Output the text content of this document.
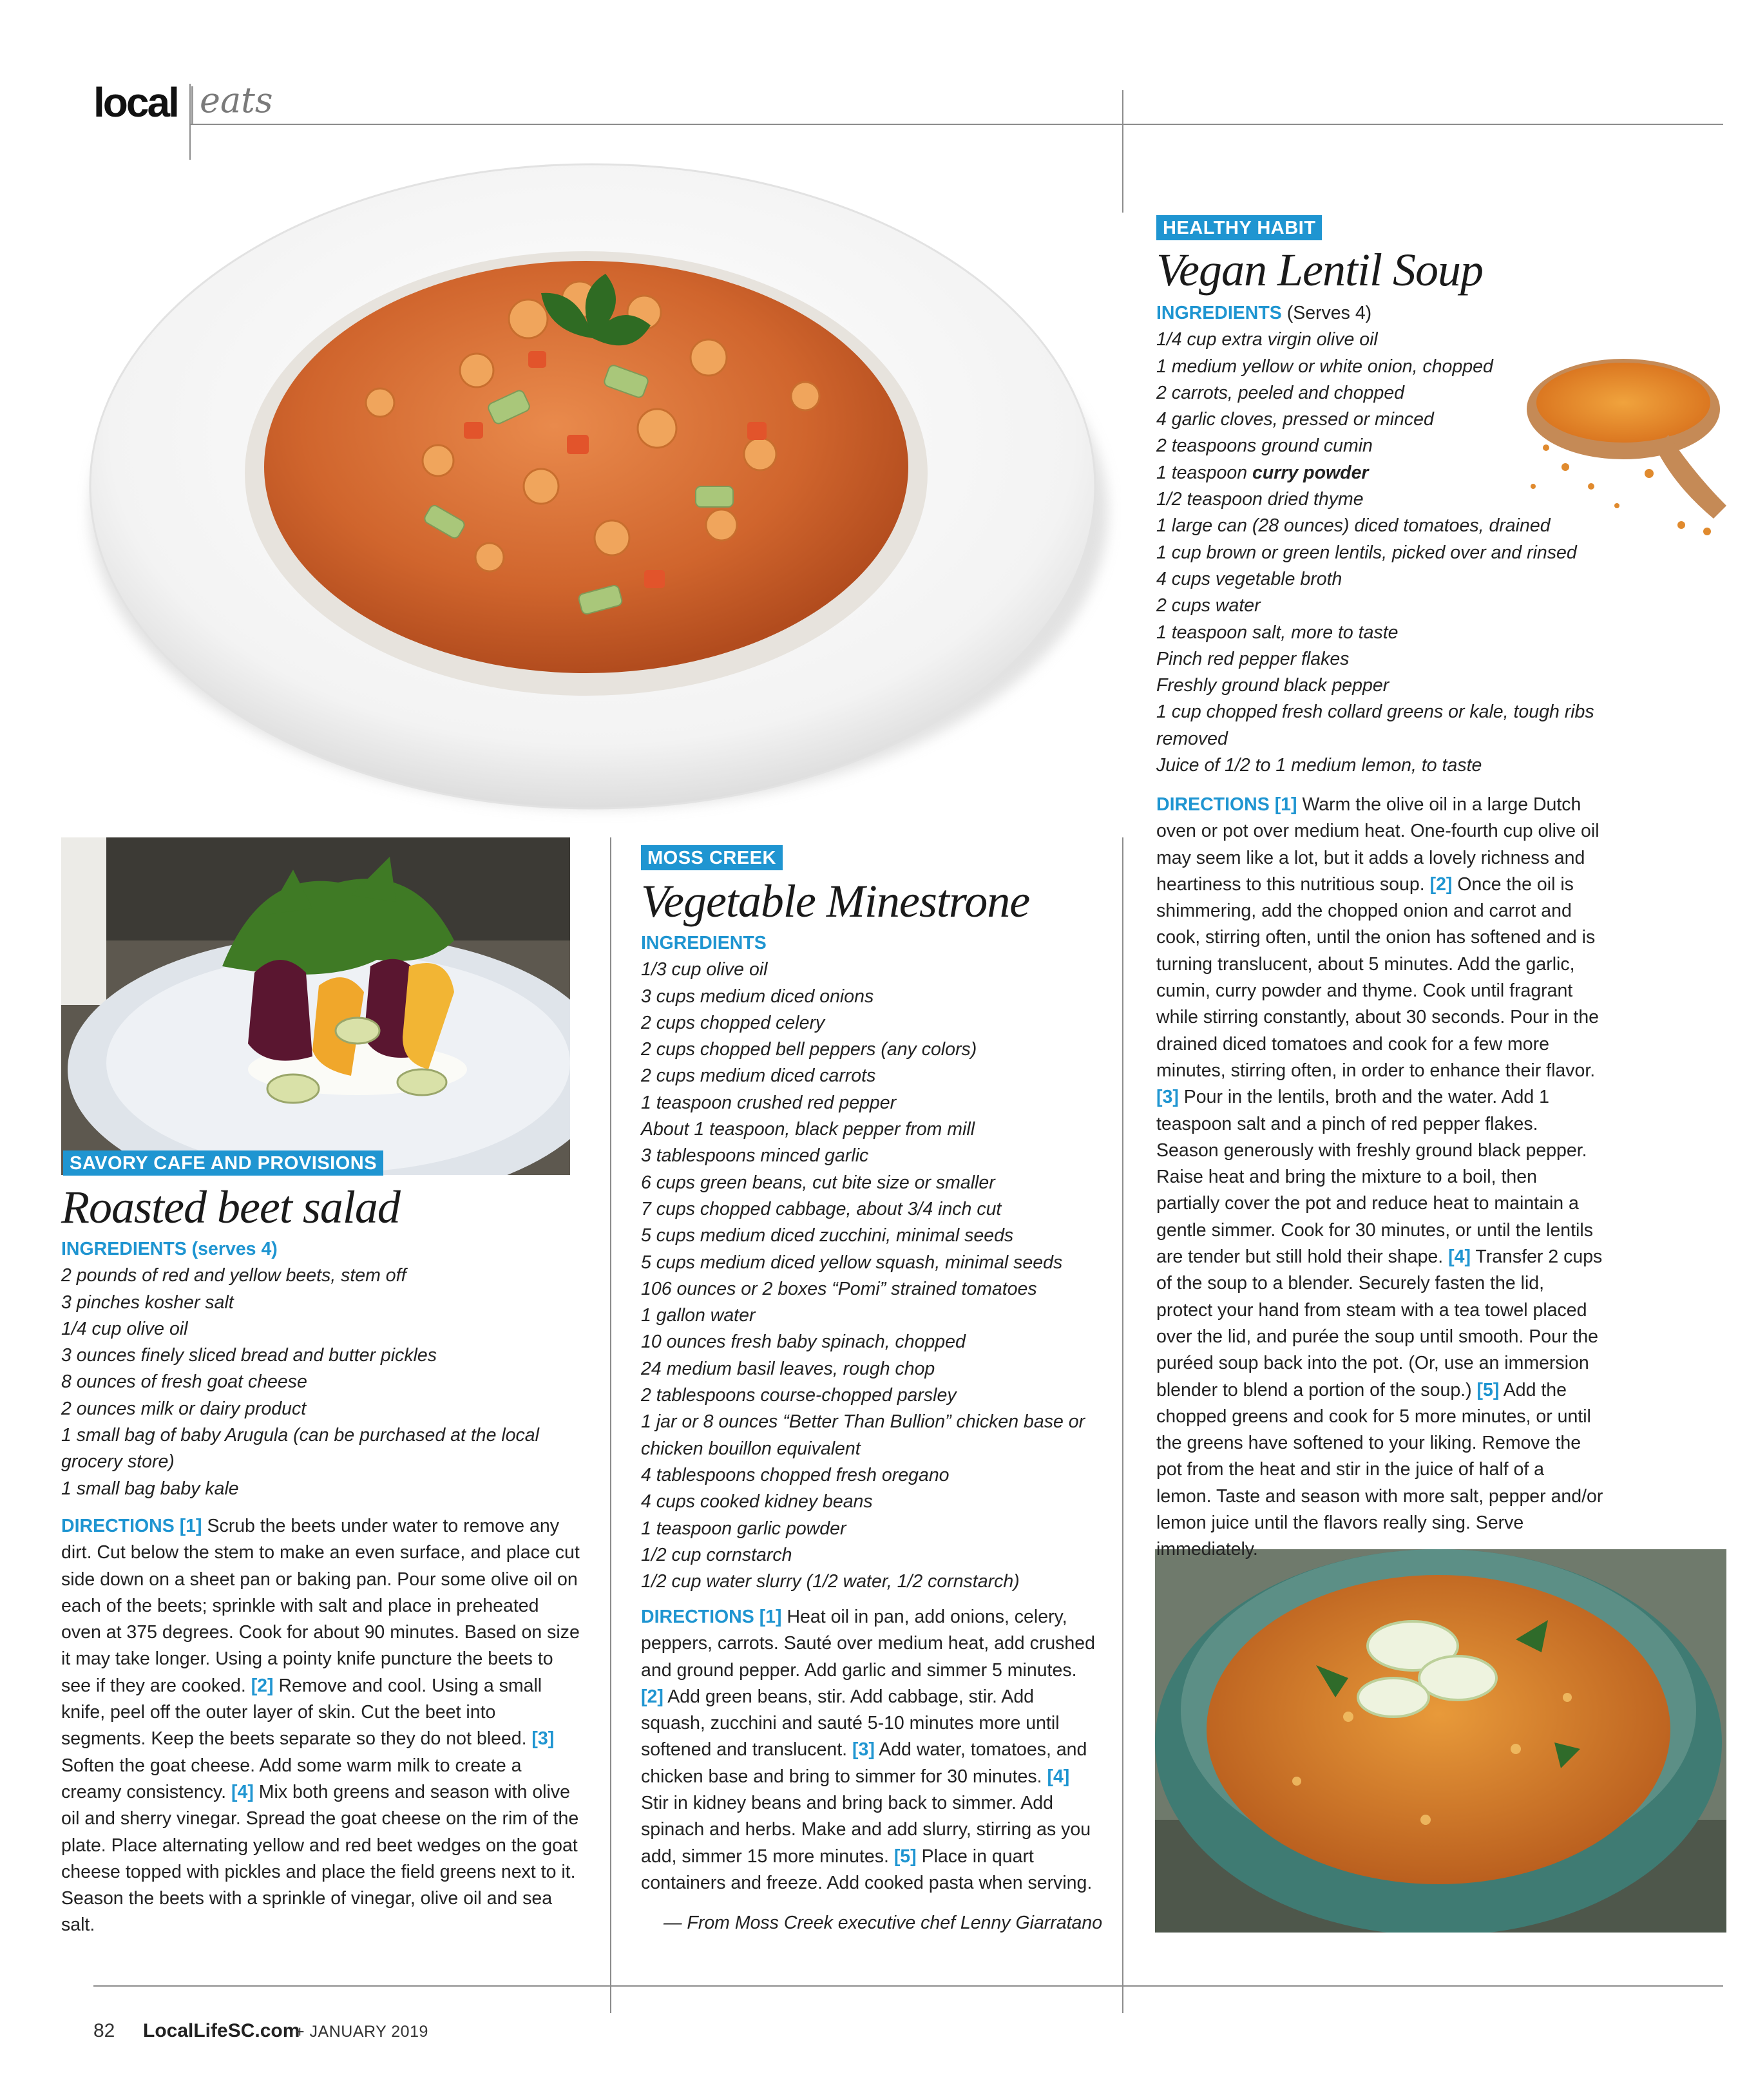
local eats
SAVORY CAFE AND PROVISIONS
Roasted beet salad
INGREDIENTS (serves 4)
2 pounds of red and yellow beets, stem off
3 pinches kosher salt
1/4 cup olive oil
3 ounces finely sliced bread and butter pickles
8 ounces of fresh goat cheese
2 ounces milk or dairy product
1 small bag of baby Arugula (can be purchased at the local grocery store)
1 small bag baby kale
DIRECTIONS [1] Scrub the beets under water to remove any dirt. Cut below the stem to make an even surface, and place cut side down on a sheet pan or baking pan. Pour some olive oil on each of the beets; sprinkle with salt and place in preheated oven at 375 degrees. Cook for about 90 minutes. Based on size it may take longer. Using a pointy knife puncture the beets to see if they are cooked. [2] Remove and cool. Using a small knife, peel off the outer layer of skin. Cut the beet into segments. Keep the beets separate so they do not bleed. [3] Soften the goat cheese. Add some warm milk to create a creamy consistency. [4] Mix both greens and season with olive oil and sherry vinegar. Spread the goat cheese on the rim of the plate. Place alternating yellow and red beet wedges on the goat cheese topped with pickles and place the field greens next to it. Season the beets with a sprinkle of vinegar, olive oil and sea salt.
MOSS CREEK
Vegetable Minestrone
INGREDIENTS
1/3 cup olive oil
3 cups medium diced onions
2 cups chopped celery
2 cups chopped bell peppers (any colors)
2 cups medium diced carrots
1 teaspoon crushed red pepper
About 1 teaspoon, black pepper from mill
3 tablespoons minced garlic
6 cups green beans, cut bite size or smaller
7 cups chopped cabbage, about 3/4 inch cut
5 cups medium diced zucchini, minimal seeds
5 cups medium diced yellow squash, minimal seeds
106 ounces or 2 boxes “Pomi” strained tomatoes
1 gallon water
10 ounces fresh baby spinach, chopped
24 medium basil leaves, rough chop
2 tablespoons course-chopped parsley
1 jar or 8 ounces “Better Than Bullion” chicken base or chicken bouillon equivalent
4 tablespoons chopped fresh oregano
4 cups cooked kidney beans
1 teaspoon garlic powder
1/2 cup cornstarch
1/2 cup water slurry (1/2 water, 1/2 cornstarch)
DIRECTIONS [1] Heat oil in pan, add onions, celery, peppers, carrots. Sauté over medium heat, add crushed and ground pepper. Add garlic and simmer 5 minutes. [2] Add green beans, stir. Add cabbage, stir. Add squash, zucchini and sauté 5-10 minutes more until softened and translucent. [3] Add water, tomatoes, and chicken base and bring to simmer for 30 minutes. [4] Stir in kidney beans and bring back to simmer. Add spinach and herbs. Make and add slurry, stirring as you add, simmer 15 more minutes. [5] Place in quart containers and freeze. Add cooked pasta when serving.
— From Moss Creek executive chef Lenny Giarratano
HEALTHY HABIT
Vegan Lentil Soup
INGREDIENTS (Serves 4)
1/4 cup extra virgin olive oil
1 medium yellow or white onion, chopped
2 carrots, peeled and chopped
4 garlic cloves, pressed or minced
2 teaspoons ground cumin
1 teaspoon curry powder
1/2 teaspoon dried thyme
1 large can (28 ounces) diced tomatoes, drained
1 cup brown or green lentils, picked over and rinsed
4 cups vegetable broth
2 cups water
1 teaspoon salt, more to taste
Pinch red pepper flakes
Freshly ground black pepper
1 cup chopped fresh collard greens or kale, tough ribs removed
Juice of 1/2 to 1 medium lemon, to taste
DIRECTIONS [1] Warm the olive oil in a large Dutch oven or pot over medium heat. One-fourth cup olive oil may seem like a lot, but it adds a lovely richness and heartiness to this nutritious soup. [2] Once the oil is shimmering, add the chopped onion and carrot and cook, stirring often, until the onion has softened and is turning translucent, about 5 minutes. Add the garlic, cumin, curry powder and thyme. Cook until fragrant while stirring constantly, about 30 seconds. Pour in the drained diced tomatoes and cook for a few more minutes, stirring often, in order to enhance their flavor. [3] Pour in the lentils, broth and the water. Add 1 teaspoon salt and a pinch of red pepper flakes. Season generously with freshly ground black pepper. Raise heat and bring the mixture to a boil, then partially cover the pot and reduce heat to maintain a gentle simmer. Cook for 30 minutes, or until the lentils are tender but still hold their shape. [4] Transfer 2 cups of the soup to a blender. Securely fasten the lid, protect your hand from steam with a tea towel placed over the lid, and purée the soup until smooth. Pour the puréed soup back into the pot. (Or, use an immersion blender to blend a portion of the soup.) [5] Add the chopped greens and cook for 5 more minutes, or until the greens have softened to your liking. Remove the pot from the heat and stir in the juice of half of a lemon. Taste and season with more salt, pepper and/or lemon juice until the flavors really sing. Serve immediately.
82 LocalLifeSC.com
+ JANUARY 2019
